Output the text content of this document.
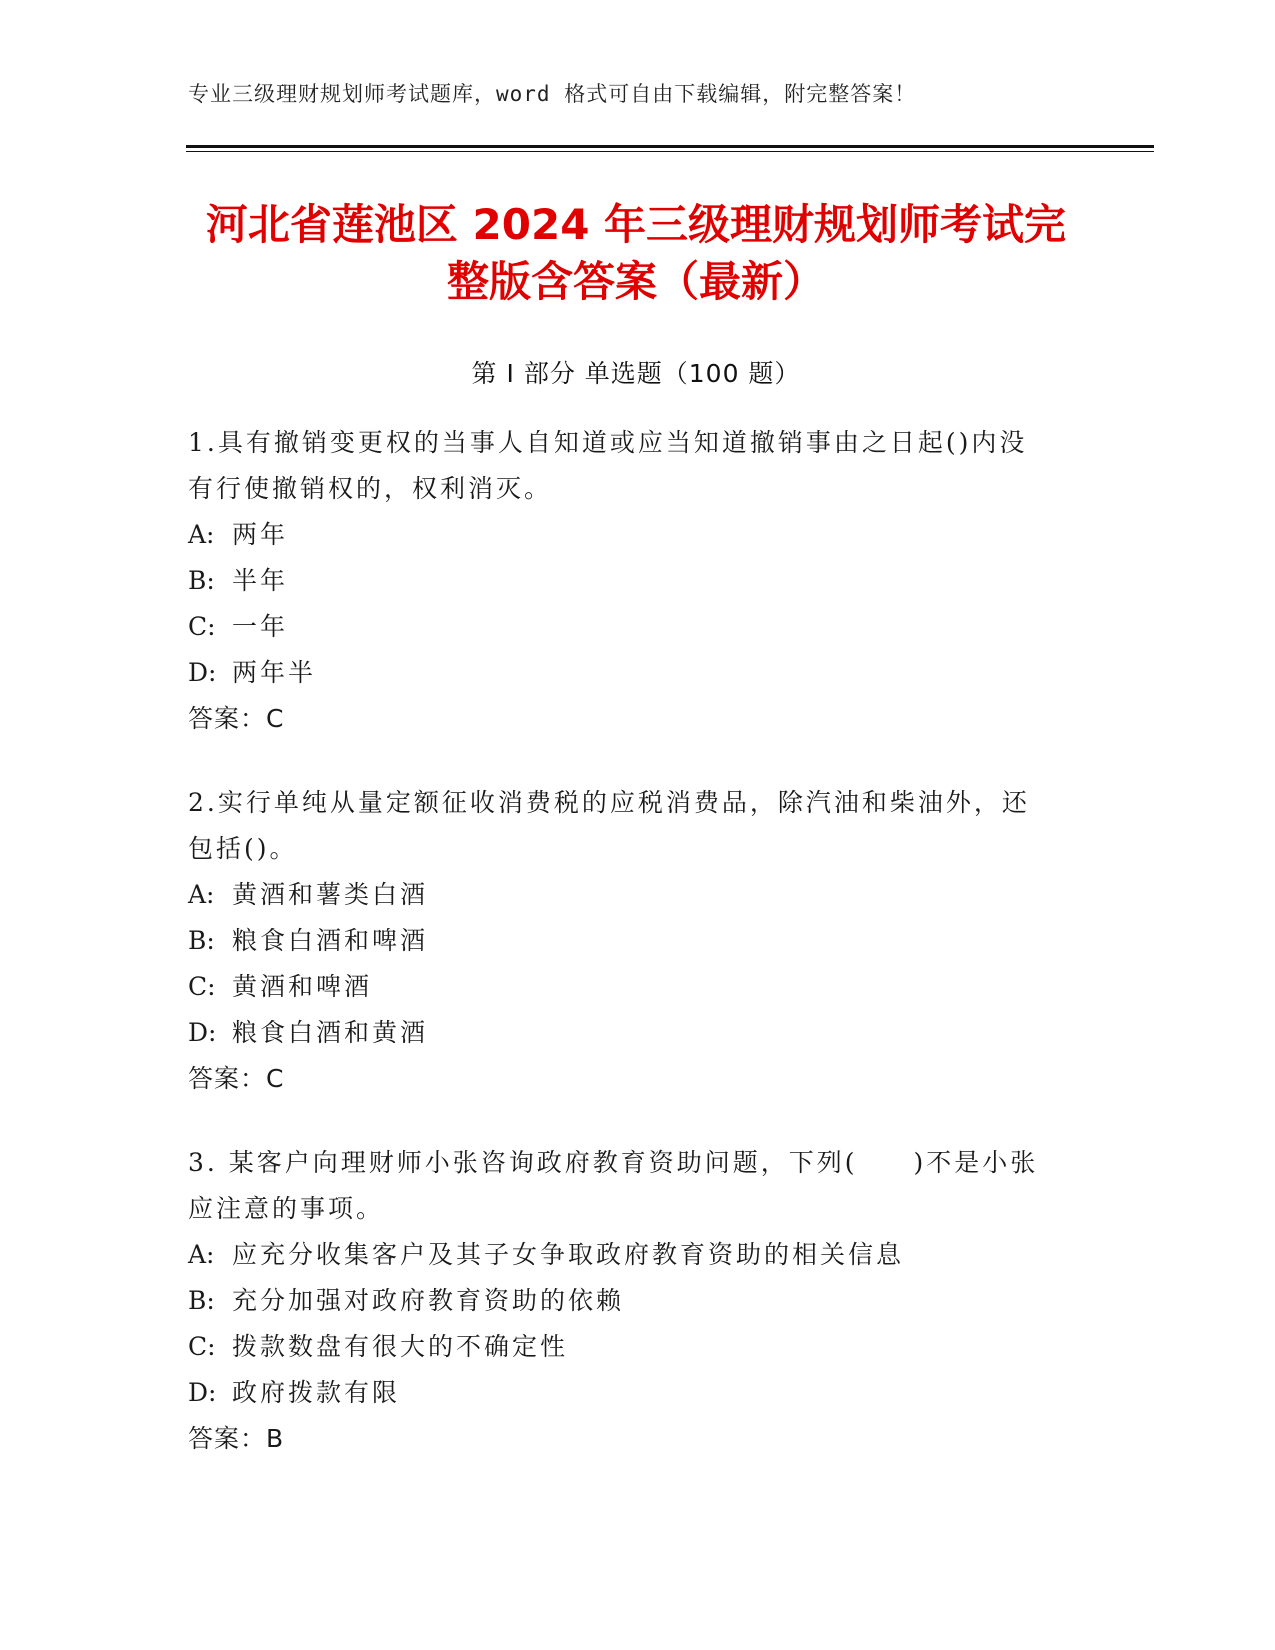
专业三级理财规划师考试题库，word 格式可自由下载编辑，附完整答案！
河北省莲池区 2024 年三级理财规划师考试完
整版含答案（最新）
第 I 部分 单选题（100 题）
1.具有撤销变更权的当事人自知道或应当知道撤销事由之日起()内没
有行使撤销权的，权利消灭。
A: 两年
B: 半年
C: 一年
D: 两年半
答案：C
2.实行单纯从量定额征收消费税的应税消费品，除汽油和柴油外，还
包括()。
A: 黄酒和薯类白酒
B: 粮食白酒和啤酒
C: 黄酒和啤酒
D: 粮食白酒和黄酒
答案：C
3. 某客户向理财师小张咨询政府教育资助问题，下列(　　)不是小张
应注意的事项。
A: 应充分收集客户及其子女争取政府教育资助的相关信息
B: 充分加强对政府教育资助的依赖
C: 拨款数盘有很大的不确定性
D: 政府拨款有限
答案：B
